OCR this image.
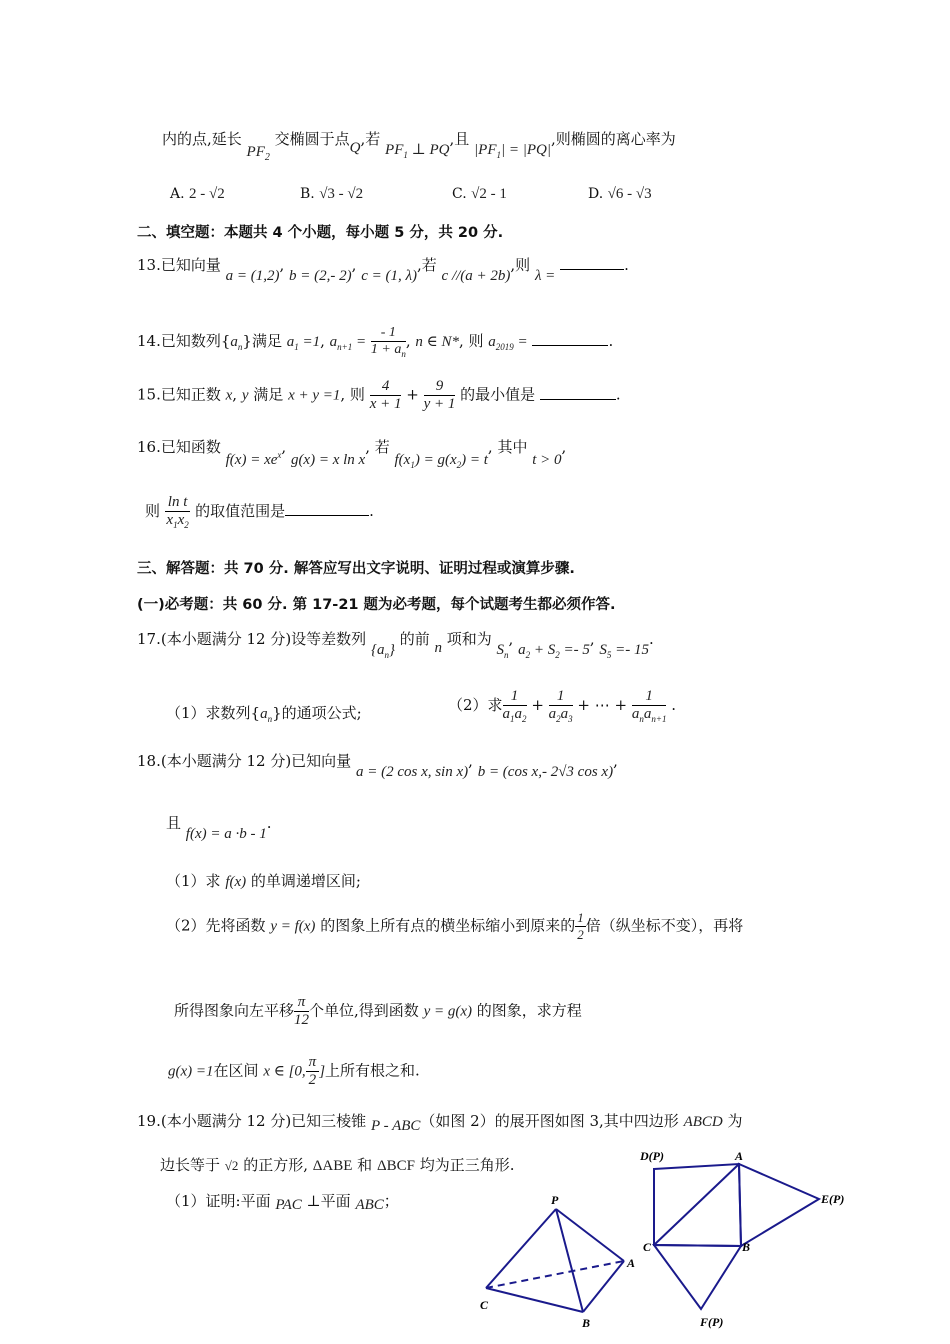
内的点,延长 $PF_2$ 交椭圆于点Q,若 $PF_1$ ⊥ PQ,且 $|PF_1| = |PQ|$,则椭圆的离心率为
A. 2 - √2	B. √3 - √2	C. √2 - 1	D. √6 - √3
二、填空题：本题共 4 个小题，每小题 5 分，共 20 分.
13.已知向量 a = (1,2), b = (2,- 2), c = (1, λ),若 c //(a + 2b),则 λ = .
14.已知数列$\{a_n\}$满足 $a_1 =1$, $a_{n+1} = \frac{- 1}{1 + a_n}$ , n ∈ N*, 则 $a_{2019}$ =	.
15.已知正数 x, y 满足 x + y =1, 则 $\frac{4}{x + 1} + \frac{9}{y + 1}$ 的最小值是	.
16.已知函数 $f(x) = xe^x$, g(x) = x ln x, 若 $f(x_1) = g(x_2) = t$, 其中 t > 0,
则 $\frac{\text{ln t}}{x_1x_2}$ 的取值范围是	.
三、解答题：共 70 分. 解答应写出文字说明、证明过程或演算步骤.
(一)必考题：共 60 分. 第 17-21 题为必考题，每个试题考生都必须作答.
17.(本小题满分 12 分)设等差数列 $\{a_n\}$ 的前 n 项和为 $S_n$, $a_2 + S_2 =- 5$, $S_5 =- 15$.
（1）求数列$\{a_n\}$的通项公式;	（2）求 $\frac{1}{a_1a_2} + \frac{1}{a_2a_3}$ + ⋯ + 1
$a_na_{n+1}$
.
18.(本小题满分 12 分)已知向量 a = (2 cos x, sin x), b = (cos x,- 2√3 cos x),
且 f(x) = a ·b - 1.
（1）求 f(x) 的单调递增区间;
（2）先将函数 y = f(x) 的图象上所有点的横坐标缩小到原来的 $\frac{1}{2}$ 倍（纵坐标不变），再将
所得图象向左平移 $\frac{\pi}{12}$ 个单位,得到函数 y = g(x) 的图象，求方程
g(x) =1在区间 x ∈ [0, $\frac{\pi}{2}$ ]上所有根之和.
19.(本小题满分 12 分)已知三棱锥 P - ABC（如图 2）的展开图如图 3,其中四边形 ABCD 为
边长等于 √2 的正方形, ΔABE 和 ΔBCF 均为正三角形.
（1）证明:平面 PAC ⊥平面 ABC；	P
A
B
C
D(P)	A
E(P)
C	B
F(P)
